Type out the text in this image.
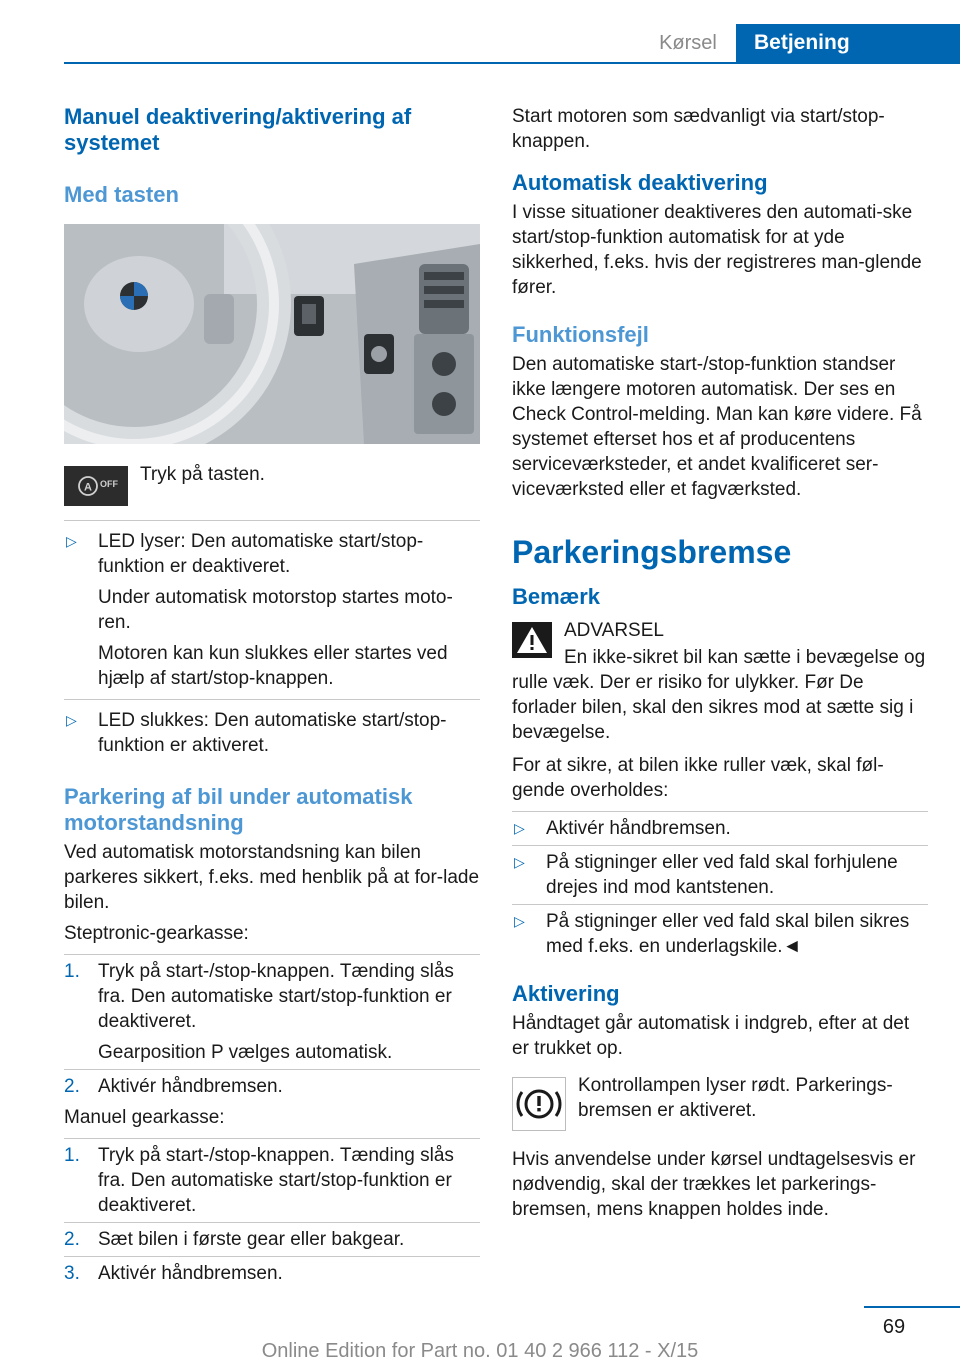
Kørsel	Betjening
Manuel deaktivering/aktivering af systemet
Med tasten
A OFF Tryk på tasten.
▷	LED lyser: Den automatiske start/stop-funktion er deaktiveret.
Under automatisk motorstop startes moto-ren.
Motoren kan kun slukkes eller startes ved hjælp af start/stop-knappen.
▷	LED slukkes: Den automatiske start/stop-funktion er aktiveret.
Parkering af bil under automatisk motorstandsning
Ved automatisk motorstandsning kan bilen parkeres sikkert, f.eks. med henblik på at for-lade bilen.
Steptronic-gearkasse:
1. Tryk på start-/stop-knappen. Tænding slås fra. Den automatiske start/stop-funktion er deaktiveret.
Gearposition P vælges automatisk.
2. Aktivér håndbremsen.
Manuel gearkasse:
1. Tryk på start-/stop-knappen. Tænding slås fra. Den automatiske start/stop-funktion er deaktiveret.
2. Sæt bilen i første gear eller bakgear.
3. Aktivér håndbremsen.
Start motoren som sædvanligt via start/stop-knappen.
Automatisk deaktivering
I visse situationer deaktiveres den automati-ske start/stop-funktion automatisk for at yde sikkerhed, f.eks. hvis der registreres man-glende fører.
Funktionsfejl
Den automatiske start-/stop-funktion standser ikke længere motoren automatisk. Der ses en Check Control-melding. Man kan køre videre. Få systemet efterset hos et af producentens serviceværksteder, et andet kvalificeret ser-viceværksted eller et fagværksted.
Parkeringsbremse
Bemærk
ADVARSEL
En ikke-sikret bil kan sætte i bevægelse og rulle væk. Der er risiko for ulykker. Før De forlader bilen, skal den sikres mod at sætte sig i bevægelse.
For at sikre, at bilen ikke ruller væk, skal føl-gende overholdes:
▷	Aktivér håndbremsen.
▷	På stigninger eller ved fald skal forhjulene drejes ind mod kantstenen.
▷	På stigninger eller ved fald skal bilen sikres med f.eks. en underlagskile.◄
Aktivering
Håndtaget går automatisk i indgreb, efter at det er trukket op.
Kontrollampen lyser rødt. Parkerings-bremsen er aktiveret.
Hvis anvendelse under kørsel undtagelsesvis er nødvendig, skal der trækkes let parkerings-bremsen, mens knappen holdes inde.
69
Online Edition for Part no. 01 40 2 966 112 - X/15
